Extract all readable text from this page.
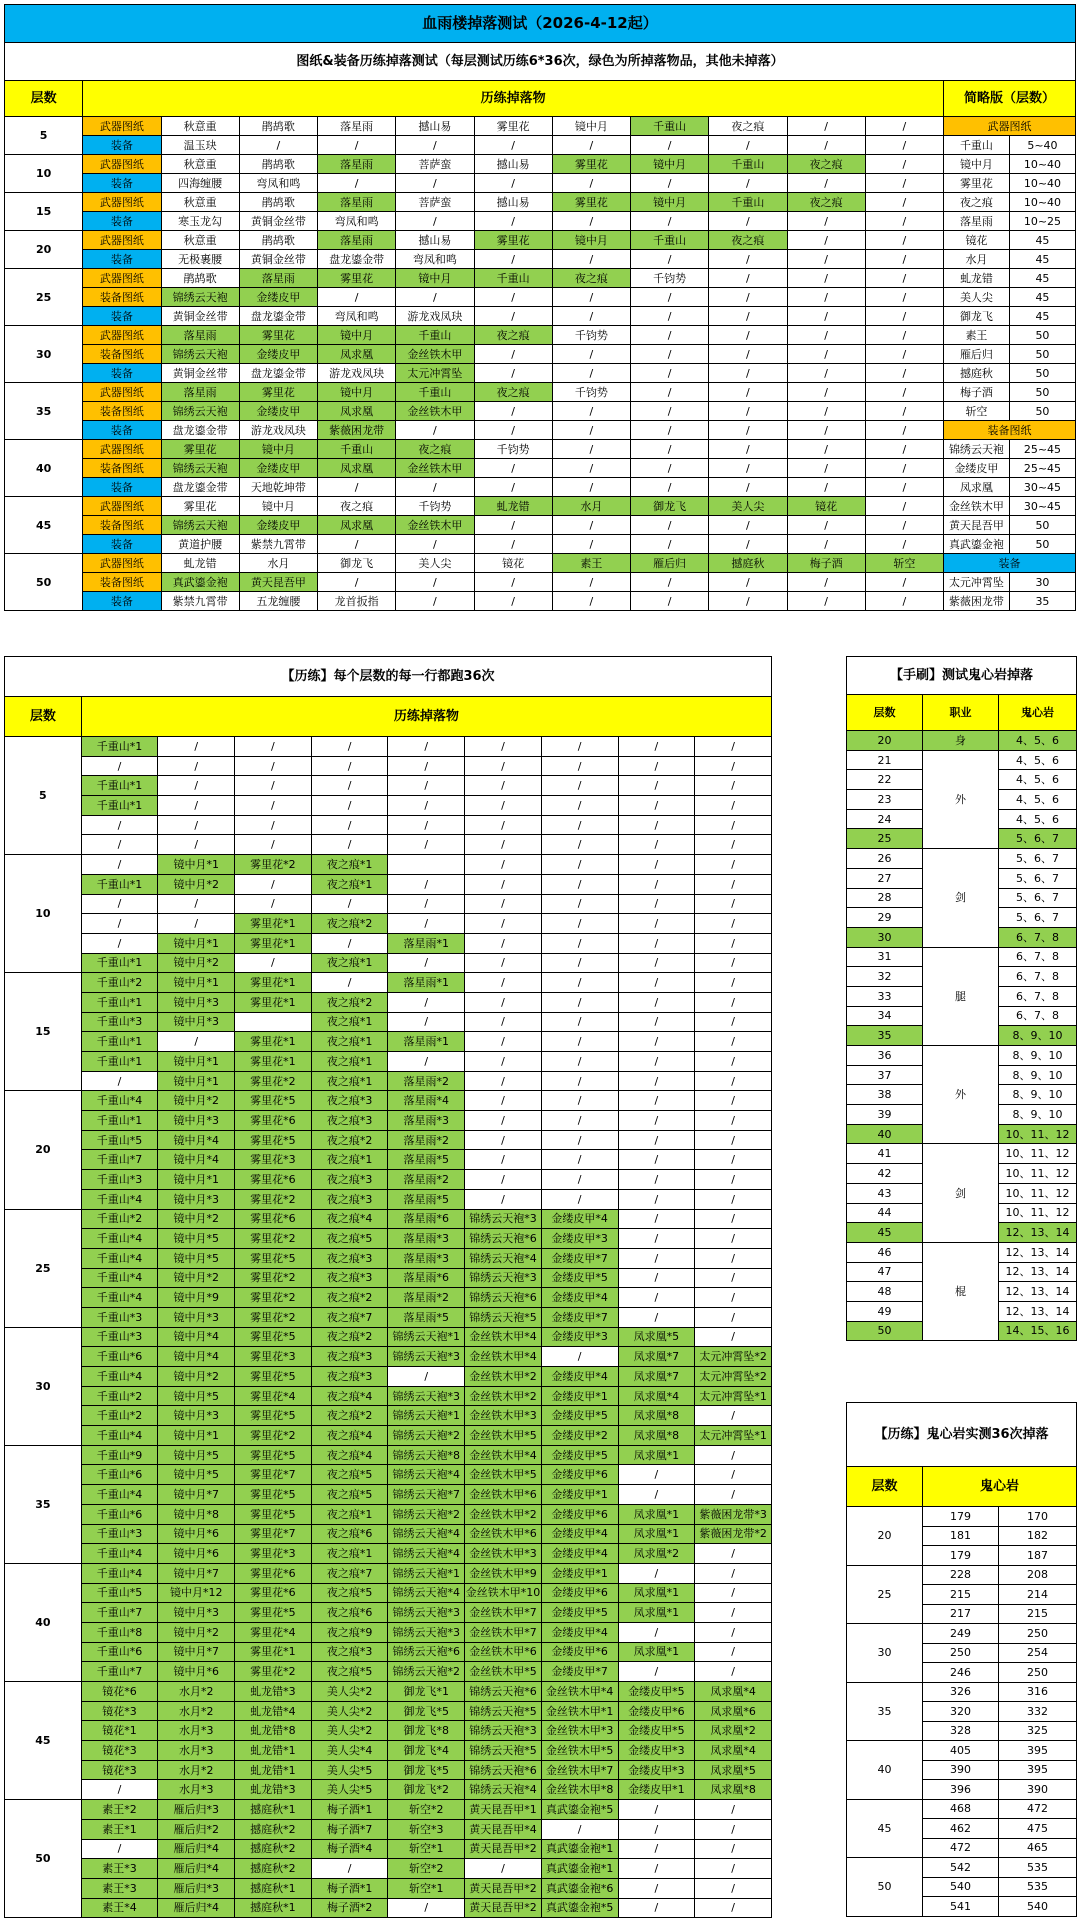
血雨楼掉落测试（2026-4-12起）													
图纸&装备历练掉落测试（每层测试历练6*36次，绿色为所掉落物品，其他未掉落）													
层数	历练掉落物											简略版（层数）	
5	武器图纸	秋意重	鹃鸪歌	落星雨	撼山易	雾里花	镜中月	千重山	夜之痕	/	/	武器图纸	
	装备	温玉玦	/	/	/	/	/	/	/	/	/	千重山	5~40
10	武器图纸	秋意重	鹃鸪歌	落星雨	菩萨蛮	撼山易	雾里花	镜中月	千重山	夜之痕	/	镜中月	10~40
	装备	四海缠腰	弯凤和鸣	/	/	/	/	/	/	/	/	雾里花	10~40
15	武器图纸	秋意重	鹃鸪歌	落星雨	菩萨蛮	撼山易	雾里花	镜中月	千重山	夜之痕	/	夜之痕	10~40
	装备	寒玉龙勾	黄铜金丝带	弯凤和鸣	/	/	/	/	/	/	/	落星雨	10~25
20	武器图纸	秋意重	鹃鸪歌	落星雨	撼山易	雾里花	镜中月	千重山	夜之痕	/	/	镜花	45
	装备	无极裹腰	黄铜金丝带	盘龙鎏金带	弯凤和鸣	/	/	/	/	/	/	水月	45
25	武器图纸	鹃鸪歌	落星雨	雾里花	镜中月	千重山	夜之痕	千钧势	/	/	/	虬龙错	45
	装备图纸	锦绣云天袍	金缕皮甲	/	/	/	/	/	/	/	/	美人尖	45
	装备	黄铜金丝带	盘龙鎏金带	弯凤和鸣	游龙戏凤玦	/	/	/	/	/	/	御龙飞	45
30	武器图纸	落星雨	雾里花	镜中月	千重山	夜之痕	千钧势	/	/	/	/	素王	50
	装备图纸	锦绣云天袍	金缕皮甲	凤求凰	金丝铁木甲	/	/	/	/	/	/	雁后归	50
	装备	黄铜金丝带	盘龙鎏金带	游龙戏凤玦	太元冲霄坠	/	/	/	/	/	/	撼庭秋	50
35	武器图纸	落星雨	雾里花	镜中月	千重山	夜之痕	千钧势	/	/	/	/	梅子酒	50
	装备图纸	锦绣云天袍	金缕皮甲	凤求凰	金丝铁木甲	/	/	/	/	/	/	斩空	50
	装备	盘龙鎏金带	游龙戏凤玦	紫薇困龙带	/	/	/	/	/	/	/	装备图纸	
40	武器图纸	雾里花	镜中月	千重山	夜之痕	千钧势	/	/	/	/	/	锦绣云天袍	25~45
	装备图纸	锦绣云天袍	金缕皮甲	凤求凰	金丝铁木甲	/	/	/	/	/	/	金缕皮甲	25~45
	装备	盘龙鎏金带	天地乾坤带	/	/	/	/	/	/	/	/	凤求凰	30~45
45	武器图纸	雾里花	镜中月	夜之痕	千钧势	虬龙错	水月	御龙飞	美人尖	镜花	/	金丝铁木甲	30~45
	装备图纸	锦绣云天袍	金缕皮甲	凤求凰	金丝铁木甲	/	/	/	/	/	/	黄天昆吾甲	50
	装备	黄道护腰	紫禁九霄带	/	/	/	/	/	/	/	/	真武鎏金袍	50
50	武器图纸	虬龙错	水月	御龙飞	美人尖	镜花	素王	雁后归	撼庭秋	梅子酒	斩空	装备	
	装备图纸	真武鎏金袍	黄天昆吾甲	/	/	/	/	/	/	/	/	太元冲霄坠	30
	装备	紫禁九霄带	五龙缠腰	龙首扳指	/	/	/	/	/	/	/	紫薇困龙带	35
【历练】每个层数的每一行都跑36次									
层数	历练掉落物								
5	千重山*1	/	/	/	/	/	/	/	/
	/	/	/	/	/	/	/	/	/
	千重山*1	/	/	/	/	/	/	/	/
	千重山*1	/	/	/	/	/	/	/	/
	/	/	/	/	/	/	/	/	/
	/	/	/	/	/	/	/	/	/
10	/	镜中月*1	雾里花*2	夜之痕*1		/	/	/	/
	千重山*1	镜中月*2	/	夜之痕*1	/	/	/	/	/
	/	/	/	/	/	/	/	/	/
	/	/	雾里花*1	夜之痕*2	/	/	/	/	/
	/	镜中月*1	雾里花*1	/	落星雨*1	/	/	/	/
	千重山*1	镜中月*2	/	夜之痕*1	/	/	/	/	/
15	千重山*2	镜中月*1	雾里花*1	/	落星雨*1	/	/	/	/
	千重山*1	镜中月*3	雾里花*1	夜之痕*2	/	/	/	/	/
	千重山*3	镜中月*3		夜之痕*1	/	/	/	/	/
	千重山*1	/	雾里花*1	夜之痕*1	落星雨*1	/	/	/	/
	千重山*1	镜中月*1	雾里花*1	夜之痕*1	/	/	/	/	/
	/	镜中月*1	雾里花*2	夜之痕*1	落星雨*2	/	/	/	/
20	千重山*4	镜中月*2	雾里花*5	夜之痕*3	落星雨*4	/	/	/	/
	千重山*1	镜中月*3	雾里花*6	夜之痕*3	落星雨*3	/	/	/	/
	千重山*5	镜中月*4	雾里花*5	夜之痕*2	落星雨*2	/	/	/	/
	千重山*7	镜中月*4	雾里花*3	夜之痕*1	落星雨*5	/	/	/	/
	千重山*3	镜中月*1	雾里花*6	夜之痕*3	落星雨*2	/	/	/	/
	千重山*4	镜中月*3	雾里花*2	夜之痕*3	落星雨*5	/	/	/	/
25	千重山*2	镜中月*2	雾里花*6	夜之痕*4	落星雨*6	锦绣云天袍*3	金缕皮甲*4	/	/
	千重山*4	镜中月*5	雾里花*2	夜之痕*5	落星雨*3	锦绣云天袍*6	金缕皮甲*3	/	/
	千重山*4	镜中月*5	雾里花*5	夜之痕*3	落星雨*3	锦绣云天袍*4	金缕皮甲*7	/	/
	千重山*4	镜中月*2	雾里花*2	夜之痕*3	落星雨*6	锦绣云天袍*3	金缕皮甲*5	/	/
	千重山*4	镜中月*9	雾里花*2	夜之痕*2	落星雨*2	锦绣云天袍*6	金缕皮甲*4	/	/
	千重山*3	镜中月*3	雾里花*2	夜之痕*7	落星雨*5	锦绣云天袍*5	金缕皮甲*7	/	/
30	千重山*3	镜中月*4	雾里花*5	夜之痕*2	锦绣云天袍*1	金丝铁木甲*4	金缕皮甲*3	凤求凰*5	/
	千重山*6	镜中月*4	雾里花*3	夜之痕*3	锦绣云天袍*3	金丝铁木甲*4	/	凤求凰*7	太元冲霄坠*2
	千重山*4	镜中月*2	雾里花*5	夜之痕*3	/	金丝铁木甲*2	金缕皮甲*4	凤求凰*7	太元冲霄坠*2
	千重山*2	镜中月*5	雾里花*4	夜之痕*4	锦绣云天袍*3	金丝铁木甲*2	金缕皮甲*1	凤求凰*4	太元冲霄坠*1
	千重山*2	镜中月*3	雾里花*5	夜之痕*2	锦绣云天袍*1	金丝铁木甲*3	金缕皮甲*5	凤求凰*8	/
	千重山*4	镜中月*1	雾里花*2	夜之痕*4	锦绣云天袍*2	金丝铁木甲*5	金缕皮甲*2	凤求凰*8	太元冲霄坠*1
35	千重山*9	镜中月*5	雾里花*5	夜之痕*4	锦绣云天袍*8	金丝铁木甲*4	金缕皮甲*5	凤求凰*1	/
	千重山*6	镜中月*5	雾里花*7	夜之痕*5	锦绣云天袍*4	金丝铁木甲*5	金缕皮甲*6	/	/
	千重山*4	镜中月*7	雾里花*5	夜之痕*5	锦绣云天袍*7	金丝铁木甲*6	金缕皮甲*1	/	/
	千重山*6	镜中月*8	雾里花*5	夜之痕*1	锦绣云天袍*2	金丝铁木甲*2	金缕皮甲*6	凤求凰*1	紫薇困龙带*3
	千重山*3	镜中月*6	雾里花*7	夜之痕*6	锦绣云天袍*4	金丝铁木甲*6	金缕皮甲*4	凤求凰*1	紫薇困龙带*2
	千重山*4	镜中月*6	雾里花*3	夜之痕*1	锦绣云天袍*4	金丝铁木甲*3	金缕皮甲*4	凤求凰*2	/
40	千重山*4	镜中月*7	雾里花*6	夜之痕*7	锦绣云天袍*1	金丝铁木甲*9	金缕皮甲*1	/	/
	千重山*5	镜中月*12	雾里花*6	夜之痕*5	锦绣云天袍*4	金丝铁木甲*10	金缕皮甲*6	凤求凰*1	/
	千重山*7	镜中月*3	雾里花*5	夜之痕*6	锦绣云天袍*3	金丝铁木甲*7	金缕皮甲*5	凤求凰*1	/
	千重山*8	镜中月*2	雾里花*4	夜之痕*9	锦绣云天袍*3	金丝铁木甲*7	金缕皮甲*4	/	/
	千重山*6	镜中月*7	雾里花*1	夜之痕*3	锦绣云天袍*6	金丝铁木甲*6	金缕皮甲*6	凤求凰*1	/
	千重山*7	镜中月*6	雾里花*2	夜之痕*5	锦绣云天袍*2	金丝铁木甲*5	金缕皮甲*7	/	/
45	镜花*6	水月*2	虬龙错*3	美人尖*2	御龙飞*1	锦绣云天袍*6	金丝铁木甲*4	金缕皮甲*5	凤求凰*4
	镜花*3	水月*2	虬龙错*4	美人尖*2	御龙飞*5	锦绣云天袍*5	金丝铁木甲*1	金缕皮甲*6	凤求凰*6
	镜花*1	水月*3	虬龙错*8	美人尖*2	御龙飞*8	锦绣云天袍*3	金丝铁木甲*3	金缕皮甲*5	凤求凰*2
	镜花*3	水月*3	虬龙错*1	美人尖*4	御龙飞*4	锦绣云天袍*5	金丝铁木甲*5	金缕皮甲*3	凤求凰*4
	镜花*3	水月*2	虬龙错*1	美人尖*5	御龙飞*5	锦绣云天袍*6	金丝铁木甲*7	金缕皮甲*3	凤求凰*5
	/	水月*3	虬龙错*3	美人尖*5	御龙飞*2	锦绣云天袍*4	金丝铁木甲*8	金缕皮甲*1	凤求凰*8
50	素王*2	雁后归*3	撼庭秋*1	梅子酒*1	斩空*2	黄天昆吾甲*1	真武鎏金袍*5	/	/
	素王*1	雁后归*2	撼庭秋*2	梅子酒*7	斩空*3	黄天昆吾甲*4	/	/	/
	/	雁后归*4	撼庭秋*2	梅子酒*4	斩空*1	黄天昆吾甲*2	真武鎏金袍*1	/	/
	素王*3	雁后归*4	撼庭秋*2	/	斩空*2	/	真武鎏金袍*1	/	/
	素王*3	雁后归*3	撼庭秋*1	梅子酒*1	斩空*1	黄天昆吾甲*2	真武鎏金袍*6	/	/
	素王*4	雁后归*4	撼庭秋*1	梅子酒*2	/	黄天昆吾甲*2	真武鎏金袍*5	/	/
【手刷】测试鬼心岩掉落		
层数	职业	鬼心岩
20	身	4、5、6
21	外	4、5、6
22		4、5、6
23		4、5、6
24		4、5、6
25		5、6、7
26	剑	5、6、7
27		5、6、7
28		5、6、7
29		5、6、7
30		6、7、8
31	腿	6、7、8
32		6、7、8
33		6、7、8
34		6、7、8
35		8、9、10
36	外	8、9、10
37		8、9、10
38		8、9、10
39		8、9、10
40		10、11、12
41	剑	10、11、12
42		10、11、12
43		10、11、12
44		10、11、12
45		12、13、14
46	棍	12、13、14
47		12、13、14
48		12、13、14
49		12、13、14
50		14、15、16
【历练】鬼心岩实测36次掉落		
层数	鬼心岩	
20	179	170
	181	182
	179	187
25	228	208
	215	214
	217	215
30	249	250
	250	254
	246	250
35	326	316
	320	332
	328	325
40	405	395
	390	395
	396	390
45	468	472
	462	475
	472	465
50	542	535
	540	535
	541	540
